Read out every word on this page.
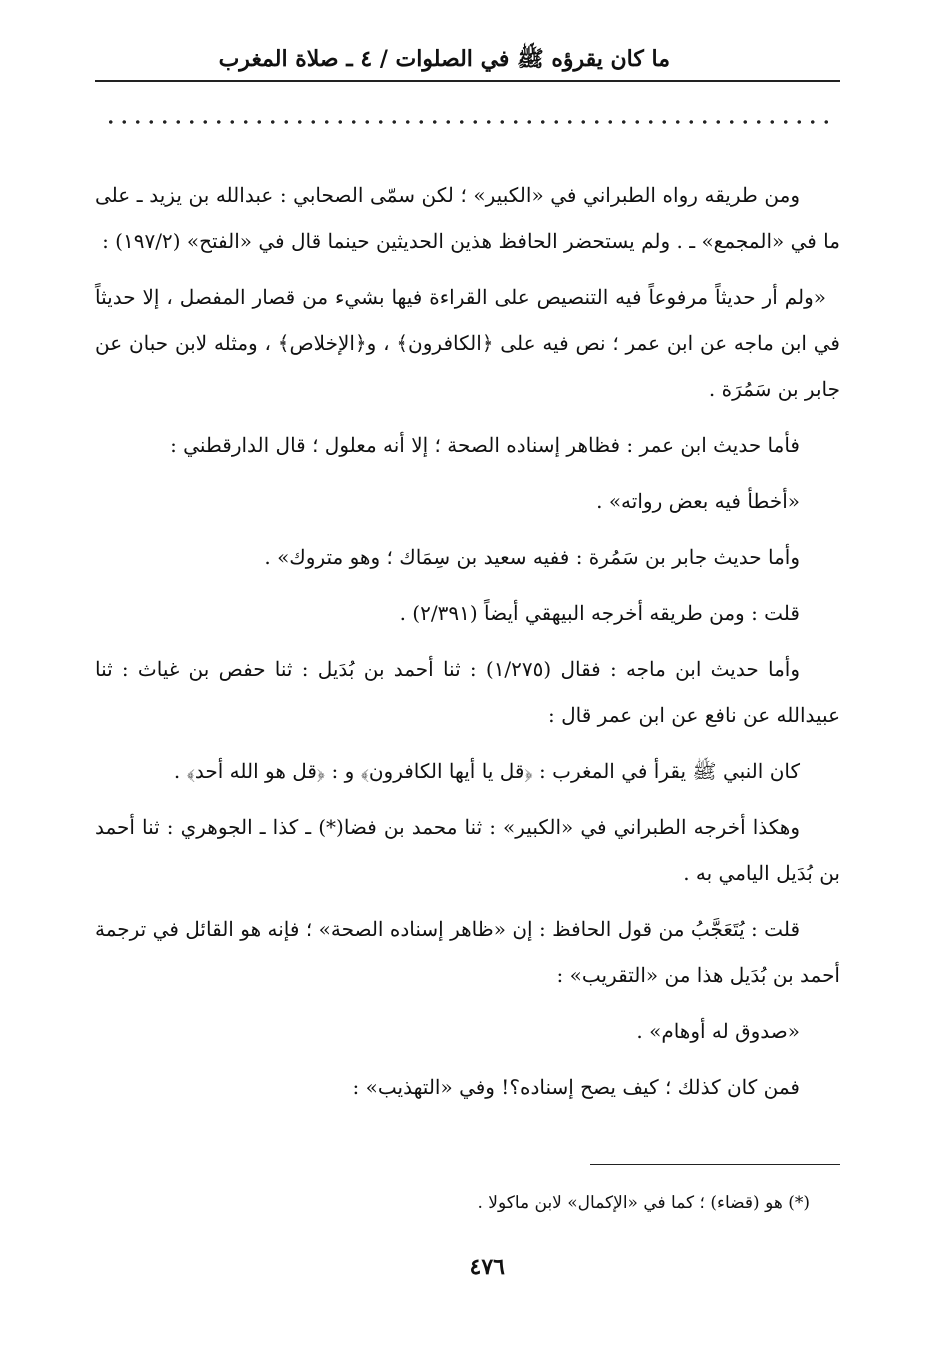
ما كان يقرؤه ﷺ في الصلوات / ٤ ـ صلاة المغرب

ومن طريقه رواه الطبراني في «الكبير» ؛ لكن سمّى الصحابي : عبدالله بن يزيد ـ على ما في «المجمع» ـ . ولم يستحضر الحافظ هذين الحديثين حينما قال في «الفتح» (١٩٧/٢) :

«ولم أر حديثاً مرفوعاً فيه التنصيص على القراءة فيها بشيء من قصار المفصل ، إلا حديثاً في ابن ماجه عن ابن عمر ؛ نص فيه على ﴿الكافرون﴾ ، و﴿الإخلاص﴾ ، ومثله لابن حبان عن جابر بن سَمُرَة .

فأما حديث ابن عمر : فظاهر إسناده الصحة ؛ إلا أنه معلول ؛ قال الدارقطني :

«أخطأ فيه بعض رواته» .

وأما حديث جابر بن سَمُرة : ففيه سعيد بن سِمَاك ؛ وهو متروك» .

قلت : ومن طريقه أخرجه البيهقي أيضاً (٢/٣٩١) .

وأما حديث ابن ماجه : فقال (١/٢٧٥) : ثنا أحمد بن بُدَيل : ثنا حفص بن غياث : ثنا عبيدالله عن نافع عن ابن عمر قال :

كان النبي ﷺ يقرأ في المغرب : ﴿قل يا أيها الكافرون﴾ و : ﴿قل هو الله أحد﴾ .

وهكذا أخرجه الطبراني في «الكبير» : ثنا محمد بن فضا(*) ـ كذا ـ الجوهري : ثنا أحمد بن بُدَيل اليامي به .

قلت : يُتَعَجَّبُ من قول الحافظ : إن «ظاهر إسناده الصحة» ؛ فإنه هو القائل في ترجمة أحمد بن بُدَيل هذا من «التقريب» :

«صدوق له أوهام» .

فمن كان كذلك ؛ كيف يصح إسناده؟! وفي «التهذيب» :

(*) هو (قضاء) ؛ كما في «الإكمال» لابن ماكولا .
٤٧٦
